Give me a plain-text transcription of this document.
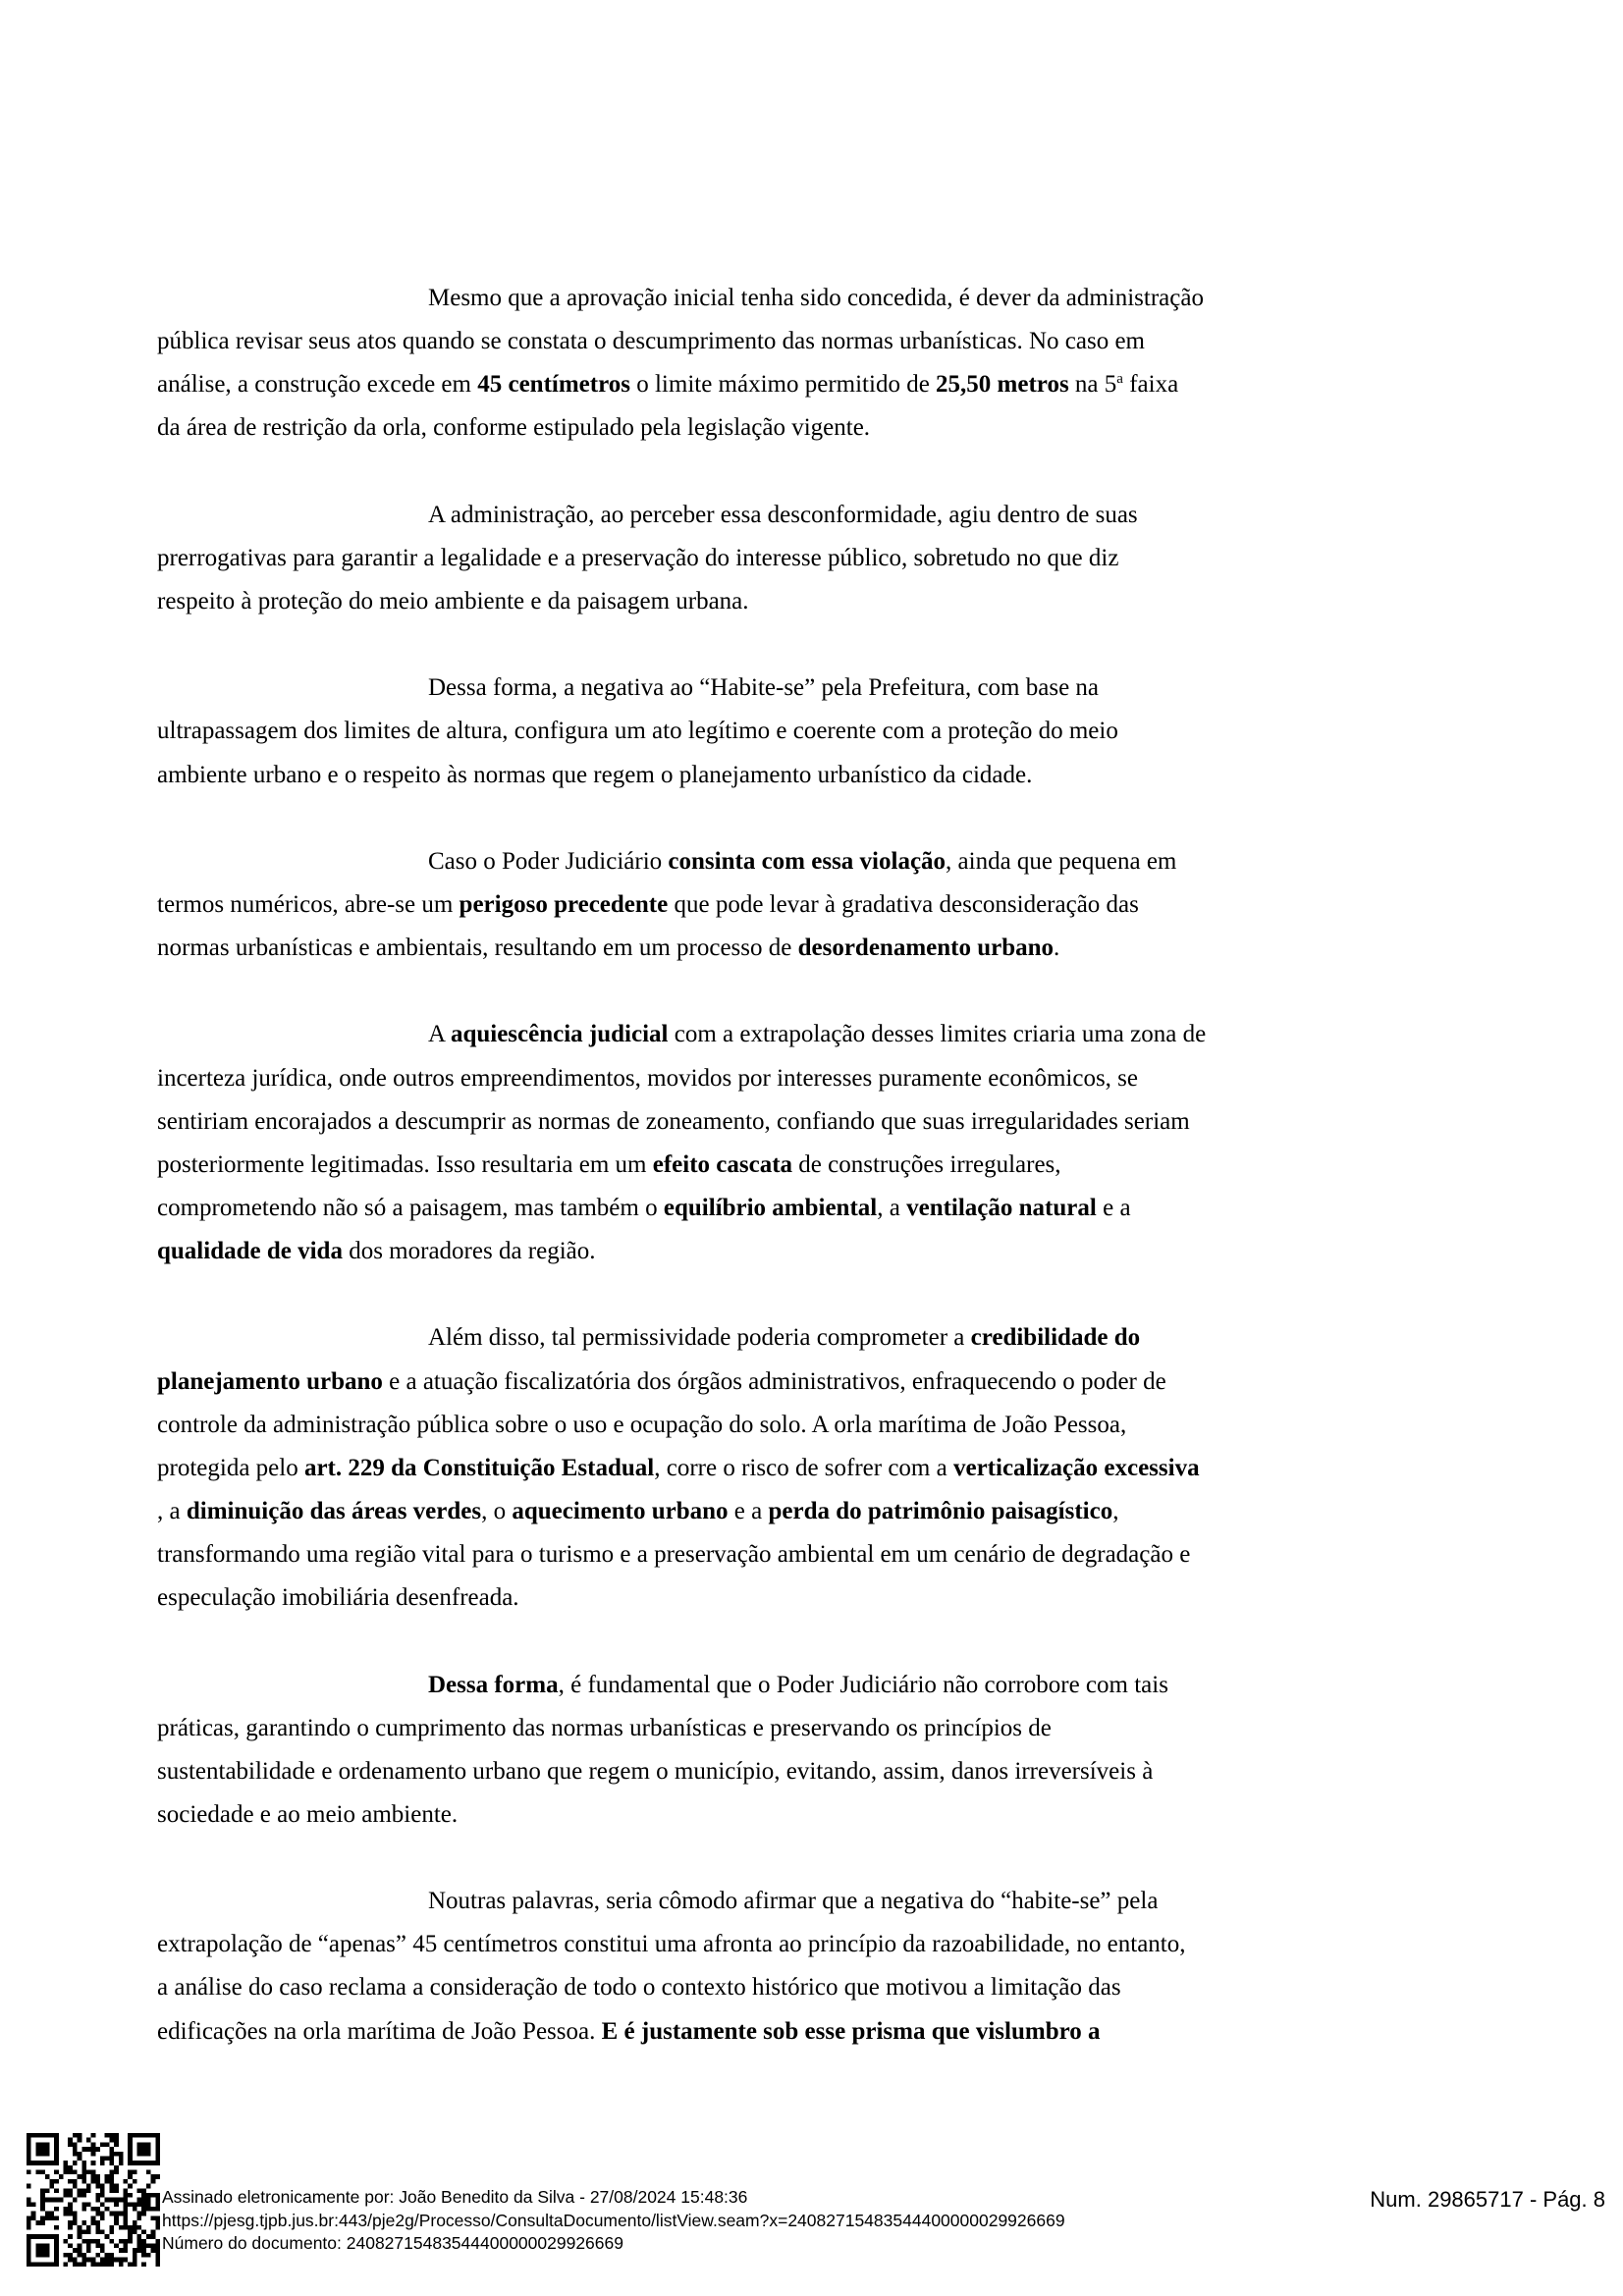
Mesmo que a aprovação inicial tenha sido concedida, é dever da administração
pública revisar seus atos quando se constata o descumprimento das normas urbanísticas. No caso em
análise, a construção excede em 45 centímetros o limite máximo permitido de 25,50 metros na 5$^a$ faixa
da área de restrição da orla, conforme estipulado pela legislação vigente.
A administração, ao perceber essa desconformidade, agiu dentro de suas
prerrogativas para garantir a legalidade e a preservação do interesse público, sobretudo no que diz
respeito à proteção do meio ambiente e da paisagem urbana.
Dessa forma, a negativa ao “Habite-se” pela Prefeitura, com base na
ultrapassagem dos limites de altura, configura um ato legítimo e coerente com a proteção do meio
ambiente urbano e o respeito às normas que regem o planejamento urbanístico da cidade.
Caso o Poder Judiciário consinta com essa violação, ainda que pequena em
termos numéricos, abre-se um perigoso precedente que pode levar à gradativa desconsideração das
normas urbanísticas e ambientais, resultando em um processo de desordenamento urbano.
A aquiescência judicial com a extrapolação desses limites criaria uma zona de
incerteza jurídica, onde outros empreendimentos, movidos por interesses puramente econômicos, se
sentiriam encorajados a descumprir as normas de zoneamento, confiando que suas irregularidades seriam
posteriormente legitimadas. Isso resultaria em um efeito cascata de construções irregulares,
comprometendo não só a paisagem, mas também o equilíbrio ambiental, a ventilação natural e a
qualidade de vida dos moradores da região.
Além disso, tal permissividade poderia comprometer a credibilidade do
planejamento urbano e a atuação fiscalizatória dos órgãos administrativos, enfraquecendo o poder de
controle da administração pública sobre o uso e ocupação do solo. A orla marítima de João Pessoa,
protegida pelo art. 229 da Constituição Estadual, corre o risco de sofrer com a verticalização excessiva
, a diminuição das áreas verdes, o aquecimento urbano e a perda do patrimônio paisagístico,
transformando uma região vital para o turismo e a preservação ambiental em um cenário de degradação e
especulação imobiliária desenfreada.
Dessa forma, é fundamental que o Poder Judiciário não corrobore com tais
práticas, garantindo o cumprimento das normas urbanísticas e preservando os princípios de
sustentabilidade e ordenamento urbano que regem o município, evitando, assim, danos irreversíveis à
sociedade e ao meio ambiente.
Noutras palavras, seria cômodo afirmar que a negativa do “habite-se” pela
extrapolação de “apenas” 45 centímetros constitui uma afronta ao princípio da razoabilidade, no entanto,
a análise do caso reclama a consideração de todo o contexto histórico que motivou a limitação das
edificações na orla marítima de João Pessoa. E é justamente sob esse prisma que vislumbro a
Assinado eletronicamente por: João Benedito da Silva - 27/08/2024 15:48:36
https://pjesg.tjpb.jus.br:443/pje2g/Processo/ConsultaDocumento/listView.seam?x=24082715483544400000029926669
Número do documento: 24082715483544400000029926669
Num. 29865717 - Pág. 8
